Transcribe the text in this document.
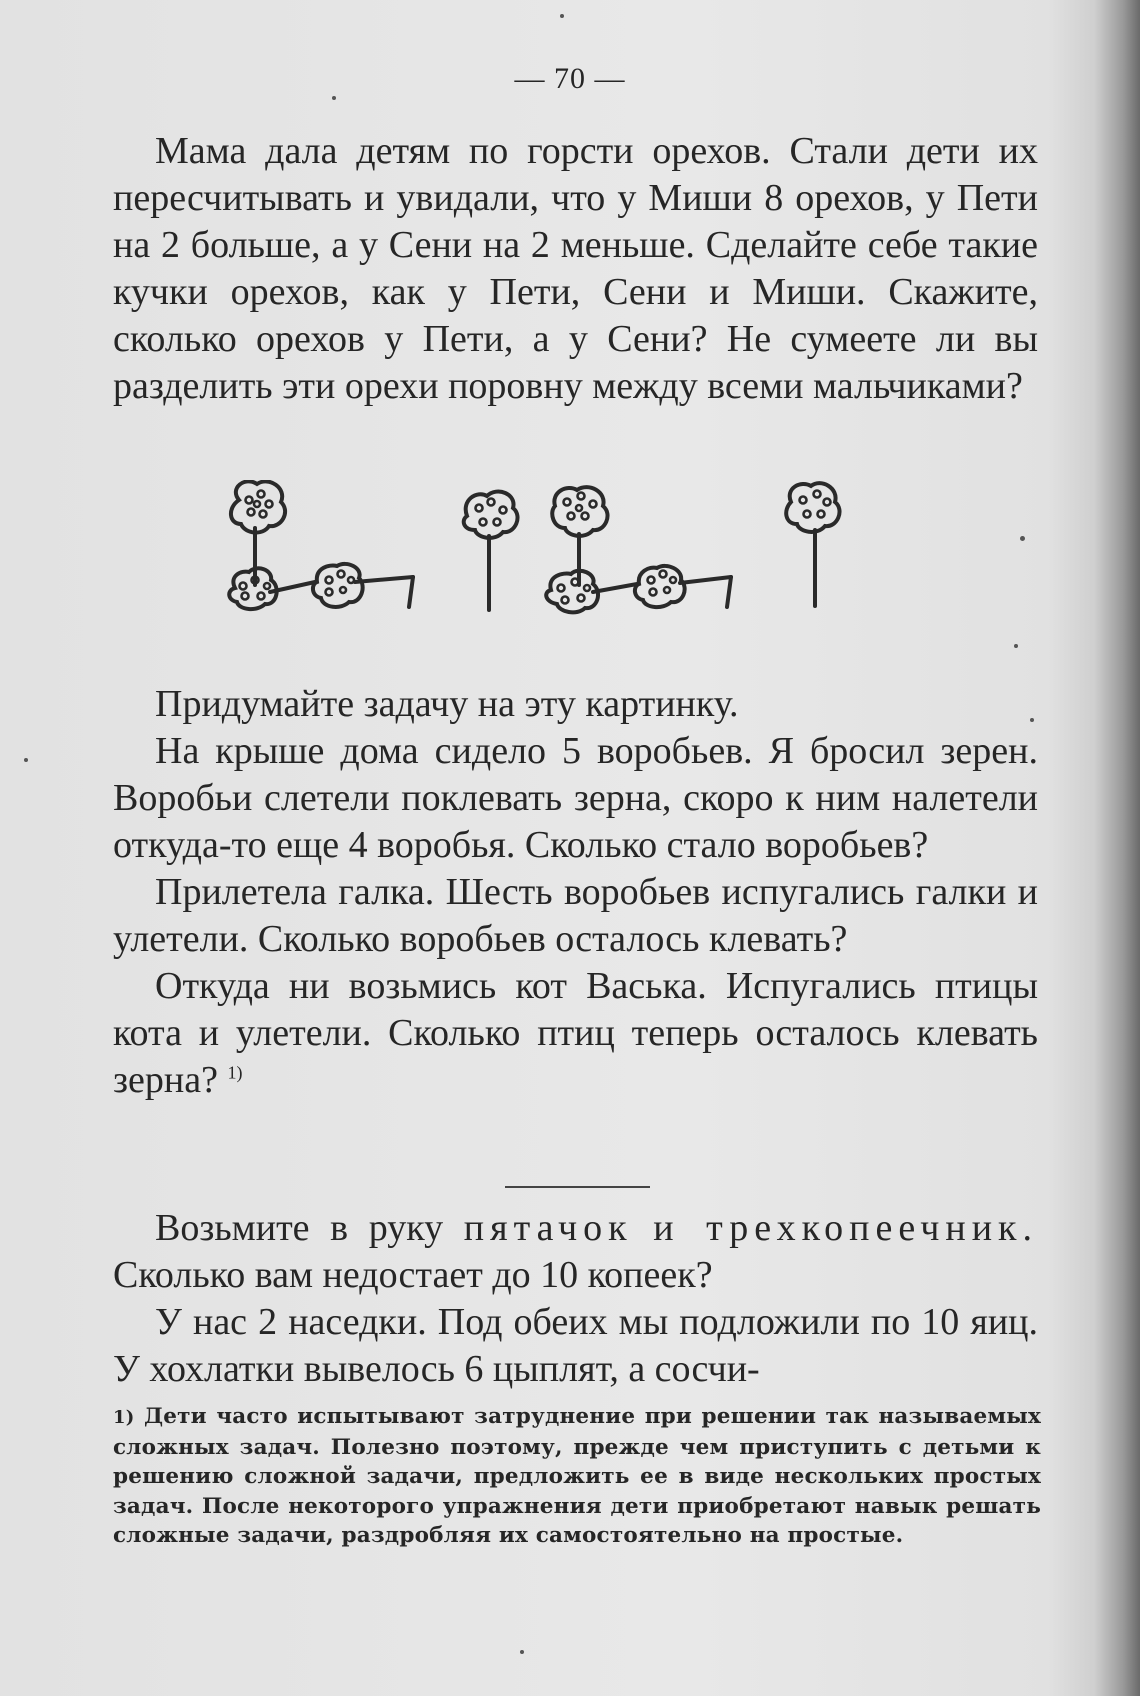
— 70 —

Мама дала детям по горсти орехов. Стали дети их пересчитывать и увидали, что у Миши 8 орехов, у Пети на 2 больше, а у Сени на 2 меньше. Сделайте себе такие кучки орехов, как у Пети, Сени и Миши. Скажите, сколько орехов у Пети, а у Сени? Не сумеете ли вы разделить эти орехи поровну между всеми мальчиками?

Придумайте задачу на эту картинку.

На крыше дома сидело 5 воробьев. Я бросил зерен. Воробьи слетели поклевать зерна, скоро к ним налетели откуда-то еще 4 воробья. Сколько стало воробьев?

Прилетела галка. Шесть воробьев испугались галки и улетели. Сколько воробьев осталось клевать?

Откуда ни возьмись кот Васька. Испугались птицы кота и улетели. Сколько птиц теперь осталось клевать зерна? $^{1)}$

Возьмите в руку пятачок и трехкопеечник. Сколько вам недостает до 10 копеек?

У нас 2 наседки. Под обеих мы подложили по 10 яиц. У хохлатки вывелось 6 цыплят, а сосчи-

1) Дети часто испытывают затруднение при решении так называемых сложных задач. Полезно поэтому, прежде чем приступить с детьми к решению сложной задачи, предложить ее в виде нескольких простых задач. После некоторого упражнения дети приобретают навык решать сложные задачи, раздробляя их самостоятельно на простые.
